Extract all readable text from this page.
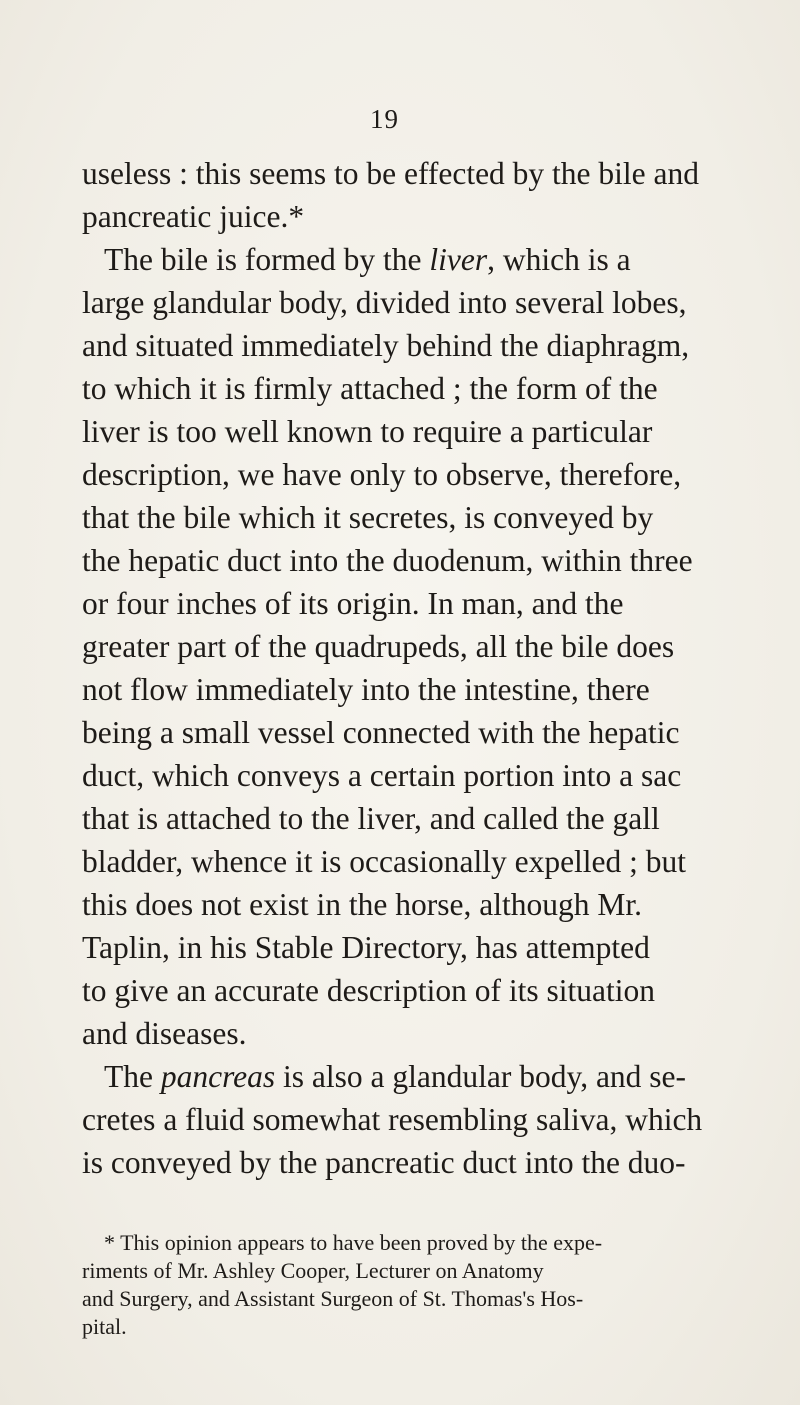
19
useless : this seems to be effected by the bile and
pancreatic juice.*
The bile is formed by the liver, which is a
large glandular body, divided into several lobes,
and situated immediately behind the diaphragm,
to which it is firmly attached ; the form of the
liver is too well known to require a particular
description, we have only to observe, therefore,
that the bile which it secretes, is conveyed by
the hepatic duct into the duodenum, within three
or four inches of its origin. In man, and the
greater part of the quadrupeds, all the bile does
not flow immediately into the intestine, there
being a small vessel connected with the hepatic
duct, which conveys a certain portion into a sac
that is attached to the liver, and called the gall
bladder, whence it is occasionally expelled ; but
this does not exist in the horse, although Mr.
Taplin, in his Stable Directory, has attempted
to give an accurate description of its situation
and diseases.
The pancreas is also a glandular body, and se-
cretes a fluid somewhat resembling saliva, which
is conveyed by the pancreatic duct into the duo-
* This opinion appears to have been proved by the expe-
riments of Mr. Ashley Cooper, Lecturer on Anatomy
and Surgery, and Assistant Surgeon of St. Thomas's Hos-
pital.
